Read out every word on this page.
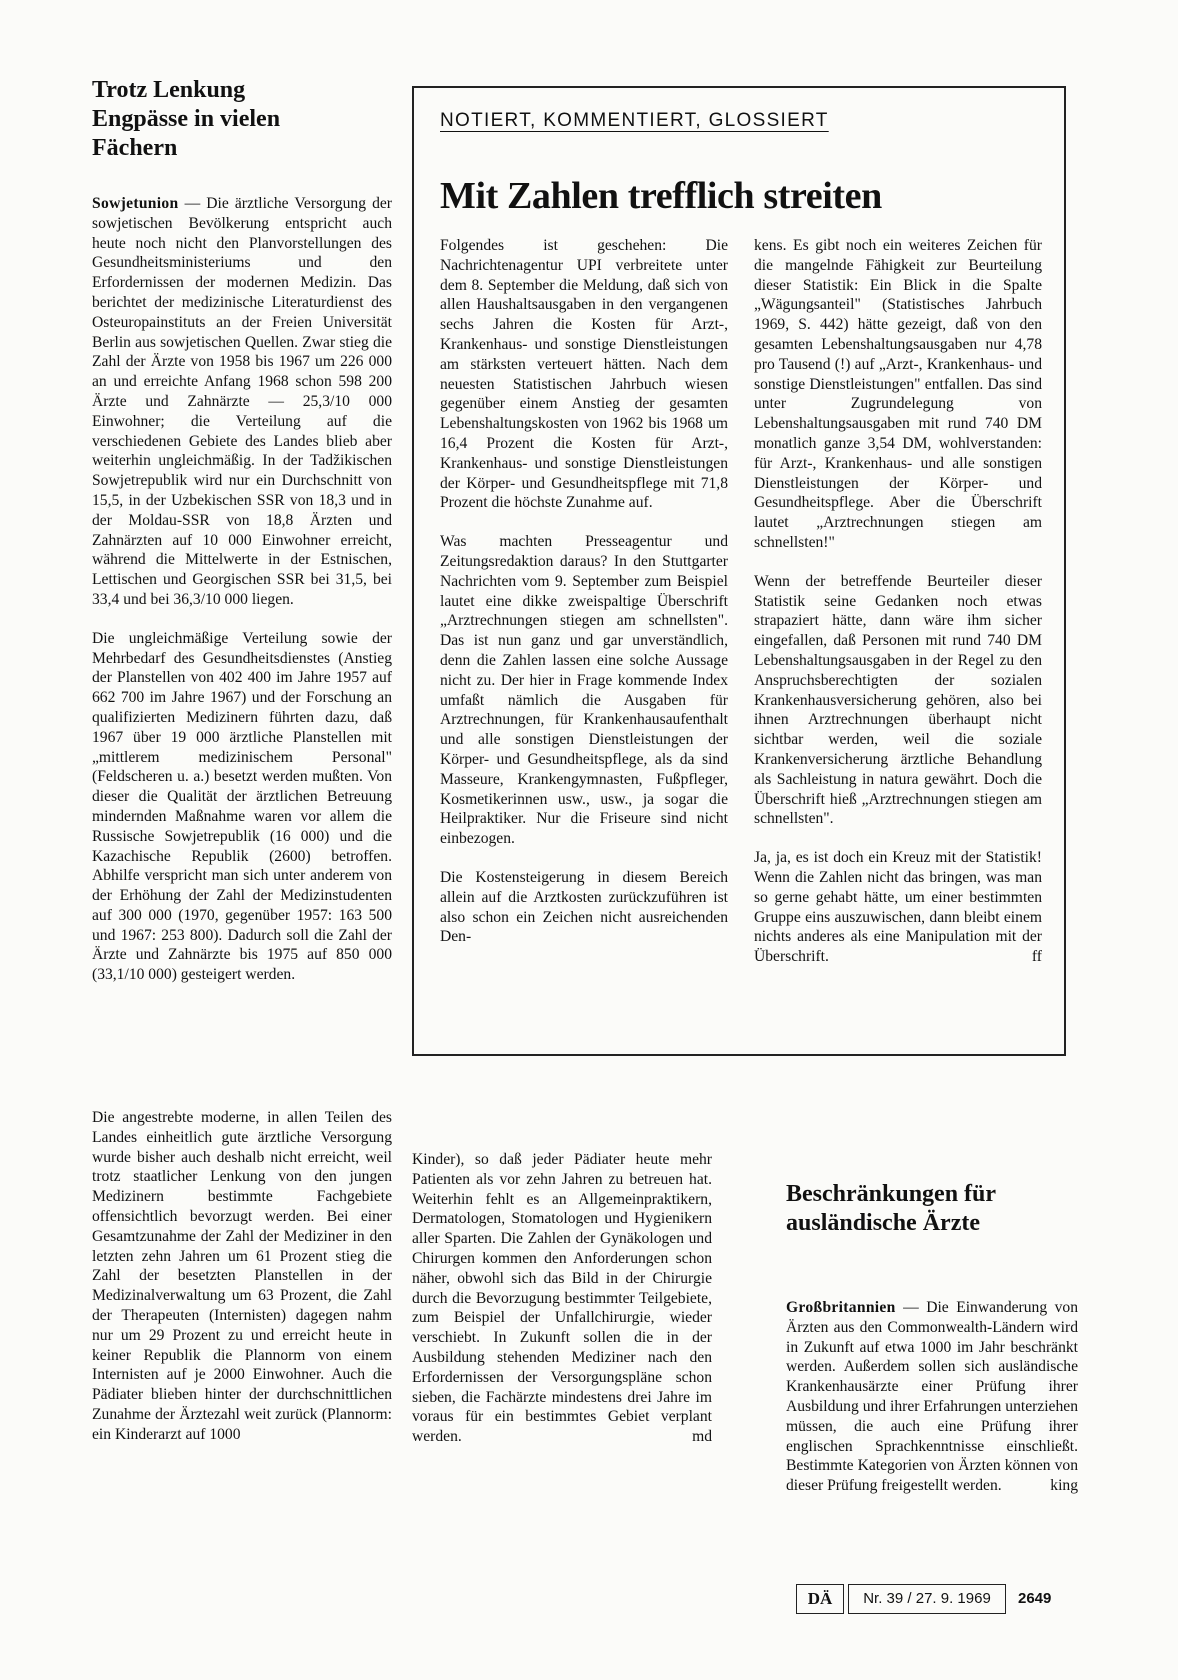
Trotz Lenkung Engpässe in vielen Fächern

Sowjetunion — Die ärztliche Versorgung der sowjetischen Bevölkerung entspricht auch heute noch nicht den Planvorstellungen des Gesundheitsministeriums und den Erfordernissen der modernen Medizin. Das berichtet der medizinische Literaturdienst des Osteuropainstituts an der Freien Universität Berlin aus sowjetischen Quellen. Zwar stieg die Zahl der Ärzte von 1958 bis 1967 um 226 000 an und erreichte Anfang 1968 schon 598 200 Ärzte und Zahnärzte — 25,3/10 000 Einwohner; die Verteilung auf die verschiedenen Gebiete des Landes blieb aber weiterhin ungleichmäßig. In der Tadžikischen Sowjetrepublik wird nur ein Durchschnitt von 15,5, in der Uzbekischen SSR von 18,3 und in der Moldau-SSR von 18,8 Ärzten und Zahnärzten auf 10 000 Einwohner erreicht, während die Mittelwerte in der Estnischen, Lettischen und Georgischen SSR bei 31,5, bei 33,4 und bei 36,3/10 000 liegen.

Die ungleichmäßige Verteilung sowie der Mehrbedarf des Gesundheitsdienstes (Anstieg der Planstellen von 402 400 im Jahre 1957 auf 662 700 im Jahre 1967) und der Forschung an qualifizierten Medizinern führten dazu, daß 1967 über 19 000 ärztliche Planstellen mit „mittlerem medizinischem Personal" (Feldscheren u. a.) besetzt werden mußten. Von dieser die Qualität der ärztlichen Betreuung mindernden Maßnahme waren vor allem die Russische Sowjetrepublik (16 000) und die Kazachische Republik (2600) betroffen. Abhilfe verspricht man sich unter anderem von der Erhöhung der Zahl der Medizinstudenten auf 300 000 (1970, gegenüber 1957: 163 500 und 1967: 253 800). Dadurch soll die Zahl der Ärzte und Zahnärzte bis 1975 auf 850 000 (33,1/10 000) gesteigert werden.

Die angestrebte moderne, in allen Teilen des Landes einheitlich gute ärztliche Versorgung wurde bisher auch deshalb nicht erreicht, weil trotz staatlicher Lenkung von den jungen Medizinern bestimmte Fachgebiete offensichtlich bevorzugt werden. Bei einer Gesamtzunahme der Zahl der Mediziner in den letzten zehn Jahren um 61 Prozent stieg die Zahl der besetzten Planstellen in der Medizinalverwaltung um 63 Prozent, die Zahl der Therapeuten (Internisten) dagegen nahm nur um 29 Prozent zu und erreicht heute in keiner Republik die Plannorm von einem Internisten auf je 2000 Einwohner. Auch die Pädiater blieben hinter der durchschnittlichen Zunahme der Ärztezahl weit zurück (Plannorm: ein Kinderarzt auf 1000

Kinder), so daß jeder Pädiater heute mehr Patienten als vor zehn Jahren zu betreuen hat. Weiterhin fehlt es an Allgemeinpraktikern, Dermatologen, Stomatologen und Hygienikern aller Sparten. Die Zahlen der Gynäkologen und Chirurgen kommen den Anforderungen schon näher, obwohl sich das Bild in der Chirurgie durch die Bevorzugung bestimmter Teilgebiete, zum Beispiel der Unfallchirurgie, wieder verschiebt. In Zukunft sollen die in der Ausbildung stehenden Mediziner nach den Erfordernissen der Versorgungspläne schon sieben, die Fachärzte mindestens drei Jahre im voraus für ein bestimmtes Gebiet verplant werden.	md

NOTIERT, KOMMENTIERT, GLOSSIERT
Mit Zahlen trefflich streiten

Folgendes ist geschehen: Die Nachrichtenagentur UPI verbreitete unter dem 8. September die Meldung, daß sich von allen Haushaltsausgaben in den vergangenen sechs Jahren die Kosten für Arzt-, Krankenhaus- und sonstige Dienstleistungen am stärksten verteuert hätten. Nach dem neuesten Statistischen Jahrbuch wiesen gegenüber einem Anstieg der gesamten Lebenshaltungskosten von 1962 bis 1968 um 16,4 Prozent die Kosten für Arzt-, Krankenhaus- und sonstige Dienstleistungen der Körper- und Gesundheitspflege mit 71,8 Prozent die höchste Zunahme auf.

Was machten Presseagentur und Zeitungsredaktion daraus? In den Stuttgarter Nachrichten vom 9. September zum Beispiel lautet eine dikke zweispaltige Überschrift „Arztrechnungen stiegen am schnellsten". Das ist nun ganz und gar unverständlich, denn die Zahlen lassen eine solche Aussage nicht zu. Der hier in Frage kommende Index umfaßt nämlich die Ausgaben für Arztrechnungen, für Krankenhausaufenthalt und alle sonstigen Dienstleistungen der Körper- und Gesundheitspflege, als da sind Masseure, Krankengymnasten, Fußpfleger, Kosmetikerinnen usw., usw., ja sogar die Heilpraktiker. Nur die Friseure sind nicht einbezogen.

Die Kostensteigerung in diesem Bereich allein auf die Arztkosten zurückzuführen ist also schon ein Zeichen nicht ausreichenden Den-

kens. Es gibt noch ein weiteres Zeichen für die mangelnde Fähigkeit zur Beurteilung dieser Statistik: Ein Blick in die Spalte „Wägungsanteil" (Statistisches Jahrbuch 1969, S. 442) hätte gezeigt, daß von den gesamten Lebenshaltungsausgaben nur 4,78 pro Tausend (!) auf „Arzt-, Krankenhaus- und sonstige Dienstleistungen" entfallen. Das sind unter Zugrundelegung von Lebenshaltungsausgaben mit rund 740 DM monatlich ganze 3,54 DM, wohlverstanden: für Arzt-, Krankenhaus- und alle sonstigen Dienstleistungen der Körper- und Gesundheitspflege. Aber die Überschrift lautet „Arztrechnungen stiegen am schnellsten!"

Wenn der betreffende Beurteiler dieser Statistik seine Gedanken noch etwas strapaziert hätte, dann wäre ihm sicher eingefallen, daß Personen mit rund 740 DM Lebenshaltungsausgaben in der Regel zu den Anspruchsberechtigten der sozialen Krankenhausversicherung gehören, also bei ihnen Arztrechnungen überhaupt nicht sichtbar werden, weil die soziale Krankenversicherung ärztliche Behandlung als Sachleistung in natura gewährt. Doch die Überschrift hieß „Arztrechnungen stiegen am schnellsten".

Ja, ja, es ist doch ein Kreuz mit der Statistik! Wenn die Zahlen nicht das bringen, was man so gerne gehabt hätte, um einer bestimmten Gruppe eins auszuwischen, dann bleibt einem nichts anderes als eine Manipulation mit der Überschrift.	ff

Beschränkungen für ausländische Ärzte

Großbritannien — Die Einwanderung von Ärzten aus den Commonwealth-Ländern wird in Zukunft auf etwa 1000 im Jahr beschränkt werden. Außerdem sollen sich ausländische Krankenhausärzte einer Prüfung ihrer Ausbildung und ihrer Erfahrungen unterziehen müssen, die auch eine Prüfung ihrer englischen Sprachkenntnisse einschließt. Bestimmte Kategorien von Ärzten können von dieser Prüfung freigestellt werden.	king

DÄ	Nr. 39 / 27. 9. 1969	2649
